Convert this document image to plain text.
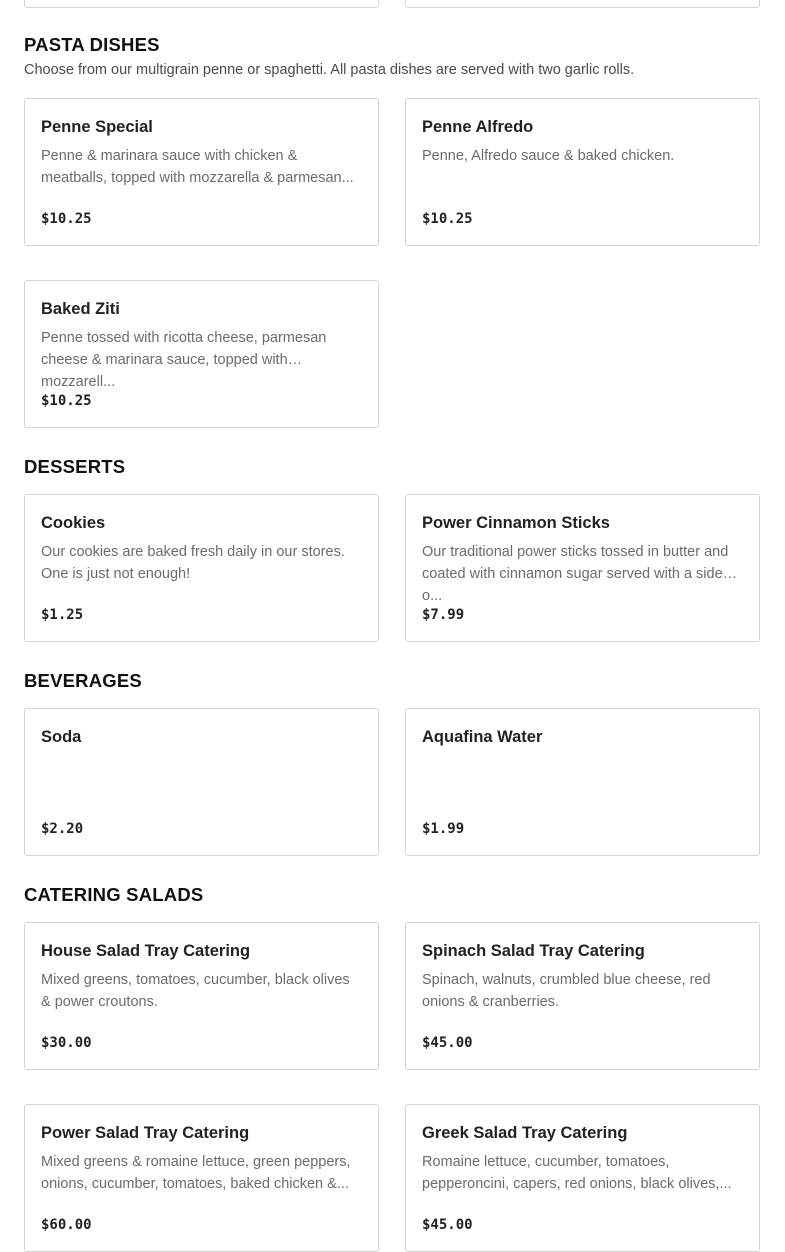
PASTA DISHES

Choose from our multigrain penne or spaghetti. All pasta dishes are served with two garlic rolls.

Penne Special
Penne & marinara sauce with chicken & meatballs, topped with mozzarella & parmesan...
$10.25
Penne Alfredo
Penne, Alfredo sauce & baked chicken.
$10.25
Baked Ziti
Penne tossed with ricotta cheese, parmesan cheese & marinara sauce, topped with mozzarell...
$10.25
DESSERTS
Cookies
Our cookies are baked fresh daily in our stores. One is just not enough!
$1.25
Power Cinnamon Sticks
Our traditional power sticks tossed in butter and coated with cinnamon sugar served with a side o...
$7.99
BEVERAGES
Soda
$2.20
Aquafina Water
$1.99
CATERING SALADS
House Salad Tray Catering
Mixed greens, tomatoes, cucumber, black olives & power croutons.
$30.00
Spinach Salad Tray Catering
Spinach, walnuts, crumbled blue cheese, red onions & cranberries.
$45.00
Power Salad Tray Catering
Mixed greens & romaine lettuce, green peppers, onions, cucumber, tomatoes, baked chicken &...
$60.00
Greek Salad Tray Catering
Romaine lettuce, cucumber, tomatoes, pepperoncini, capers, red onions, black olives,...
$45.00
